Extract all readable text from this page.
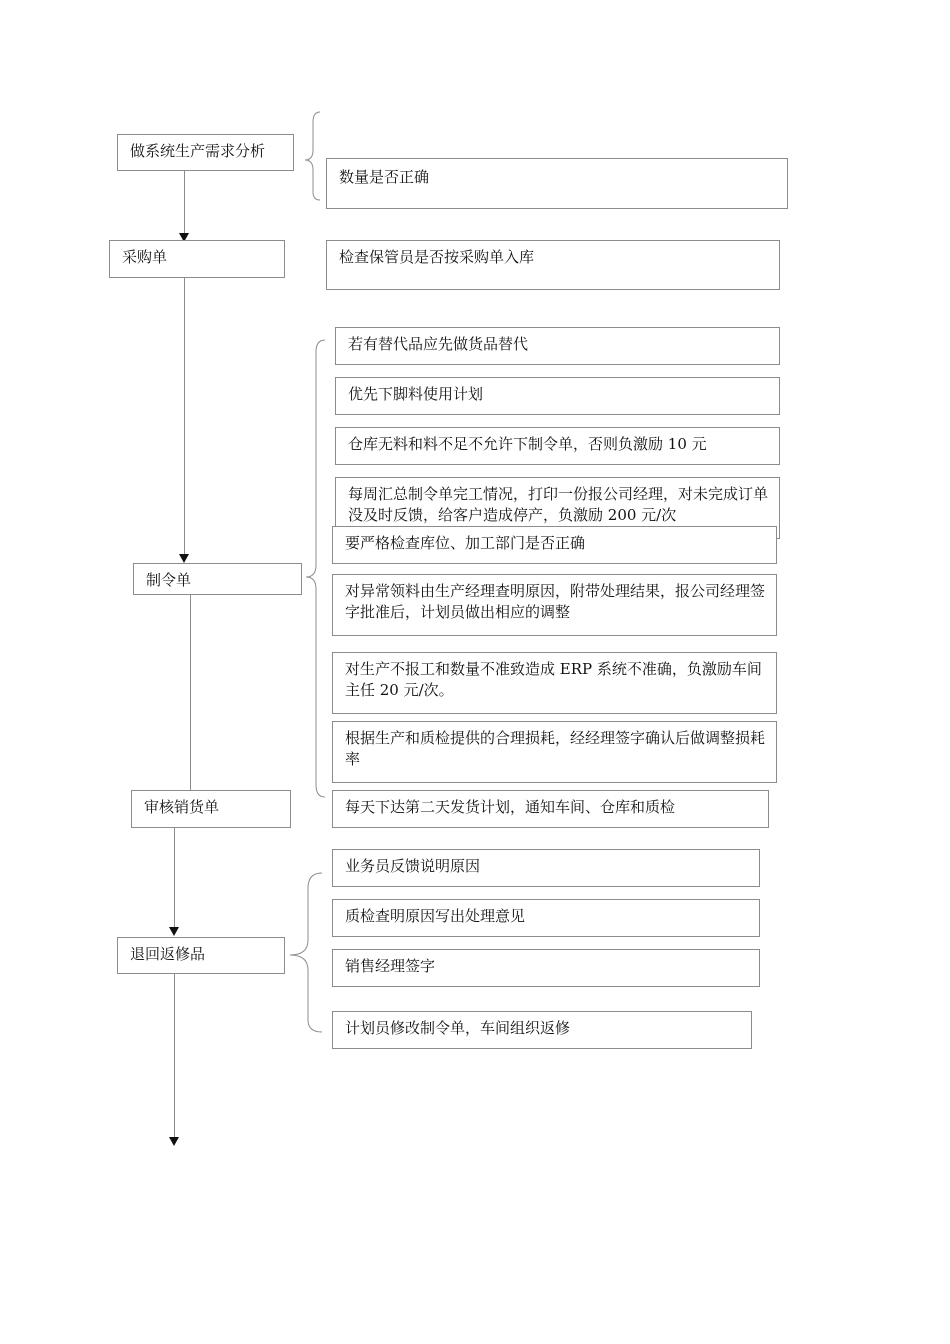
做系统生产需求分析
采购单
制令单
审核销货单
退回返修品
数量是否正确
检查保管员是否按采购单入库
若有替代品应先做货品替代
优先下脚料使用计划
仓库无料和料不足不允许下制令单，否则负激励 10 元
每周汇总制令单完工情况，打印一份报公司经理，对未完成订单没及时反馈，给客户造成停产，负激励 200 元/次
要严格检查库位、加工部门是否正确
对异常领料由生产经理查明原因，附带处理结果，报公司经理签字批准后，计划员做出相应的调整
对生产不报工和数量不准致造成 ERP 系统不准确，负激励车间主任 20 元/次。
根据生产和质检提供的合理损耗，经经理签字确认后做调整损耗率
每天下达第二天发货计划，通知车间、仓库和质检
业务员反馈说明原因
质检查明原因写出处理意见
销售经理签字
计划员修改制令单，车间组织返修
